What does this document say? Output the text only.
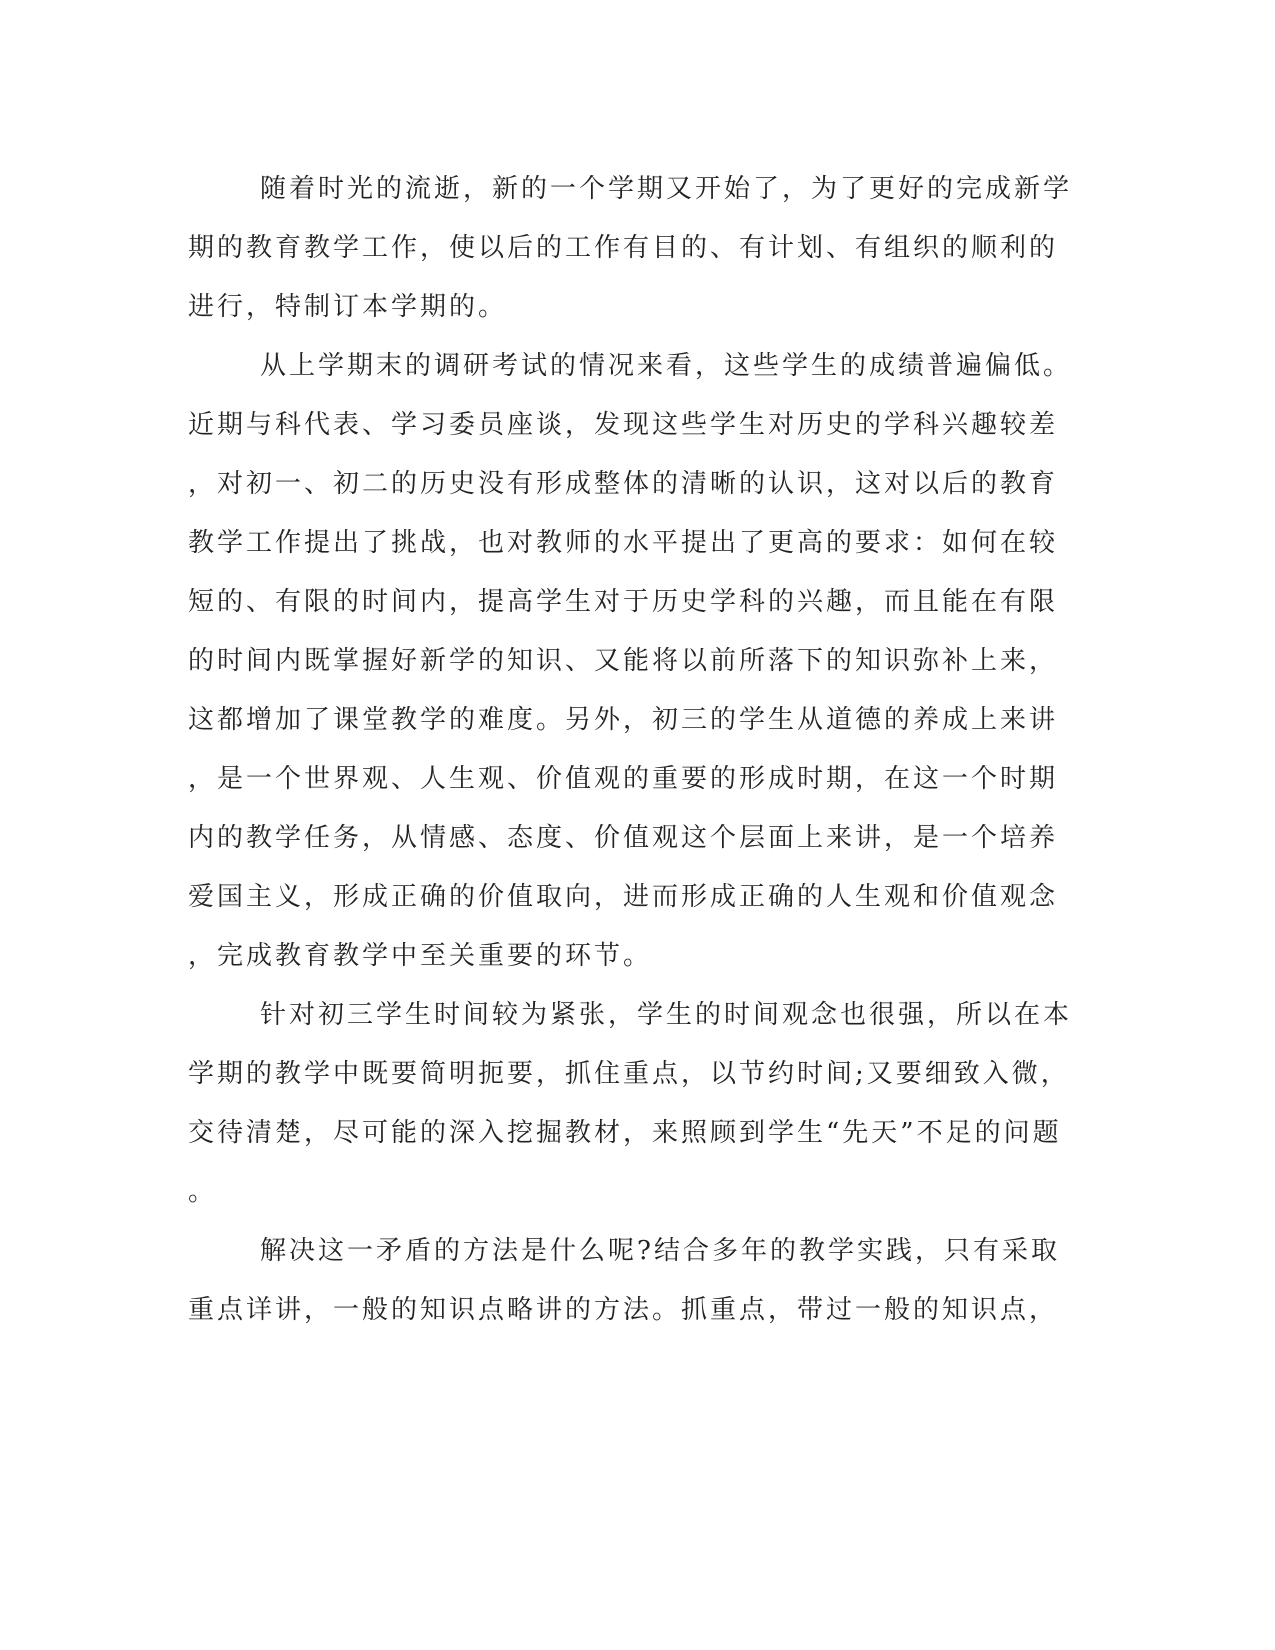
随着时光的流逝，新的一个学期又开始了，为了更好的完成新学
期的教育教学工作，使以后的工作有目的、有计划、有组织的顺利的
进行，特制订本学期的。
从上学期末的调研考试的情况来看，这些学生的成绩普遍偏低。
近期与科代表、学习委员座谈，发现这些学生对历史的学科兴趣较差
，对初一、初二的历史没有形成整体的清晰的认识，这对以后的教育
教学工作提出了挑战，也对教师的水平提出了更高的要求：如何在较
短的、有限的时间内，提高学生对于历史学科的兴趣，而且能在有限
的时间内既掌握好新学的知识、又能将以前所落下的知识弥补上来，
这都增加了课堂教学的难度。另外，初三的学生从道德的养成上来讲
，是一个世界观、人生观、价值观的重要的形成时期，在这一个时期
内的教学任务，从情感、态度、价值观这个层面上来讲，是一个培养
爱国主义，形成正确的价值取向，进而形成正确的人生观和价值观念
，完成教育教学中至关重要的环节。
针对初三学生时间较为紧张，学生的时间观念也很强，所以在本
学期的教学中既要简明扼要，抓住重点，以节约时间;又要细致入微，
交待清楚，尽可能的深入挖掘教材，来照顾到学生“先天”不足的问题
。
解决这一矛盾的方法是什么呢?结合多年的教学实践，只有采取
重点详讲，一般的知识点略讲的方法。抓重点，带过一般的知识点，
